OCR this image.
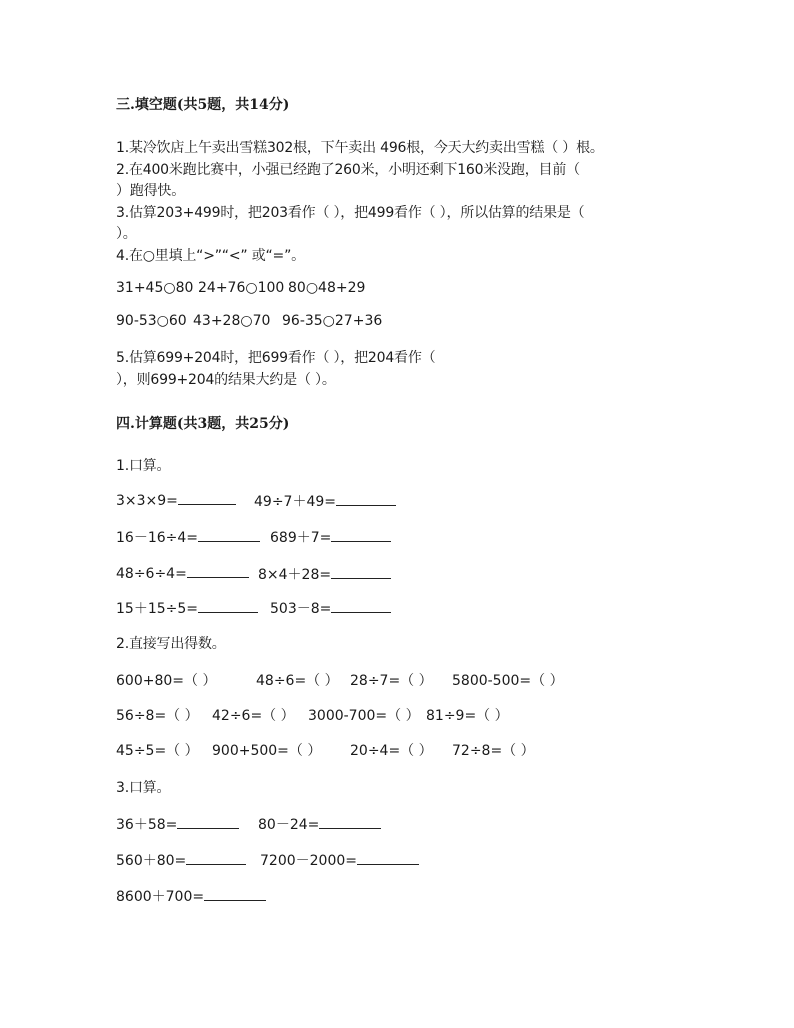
三.填空题(共5题，共14分)
1.某冷饮店上午卖出雪糕302根，下午卖出 496根，今天大约卖出雪糕（ ）根。
2.在400米跑比赛中，小强已经跑了260米，小明还剩下160米没跑，目前（
）跑得快。
3.估算203+499时，把203看作（ ），把499看作（ ），所以估算的结果是（
）。
4.在○里填上“>”“<” 或“=”。
31+45○80 24+76○100 80○48+29
90-53○60 43+28○70 96-35○27+36
5.估算699+204时，把699看作（ ），把204看作（
），则699+204的结果大约是（ ）。
四.计算题(共3题，共25分)
1.口算。
3×3×9=	49÷7＋49=
16－16÷4=	689＋7=
48÷6÷4=	8×4＋28=
15＋15÷5=	503－8=
2.直接写出得数。
600+80=（ ）	48÷6=（ ） 28÷7=（ ） 5800-500=（ ）
56÷8=（ ） 42÷6=（ ） 3000-700=（ ） 81÷9=（ ）
45÷5=（ ） 900+500=（ ） 20÷4=（ ） 72÷8=（ ）
3.口算。
36＋58=	80－24=
560＋80=	7200－2000=
8600＋700=
